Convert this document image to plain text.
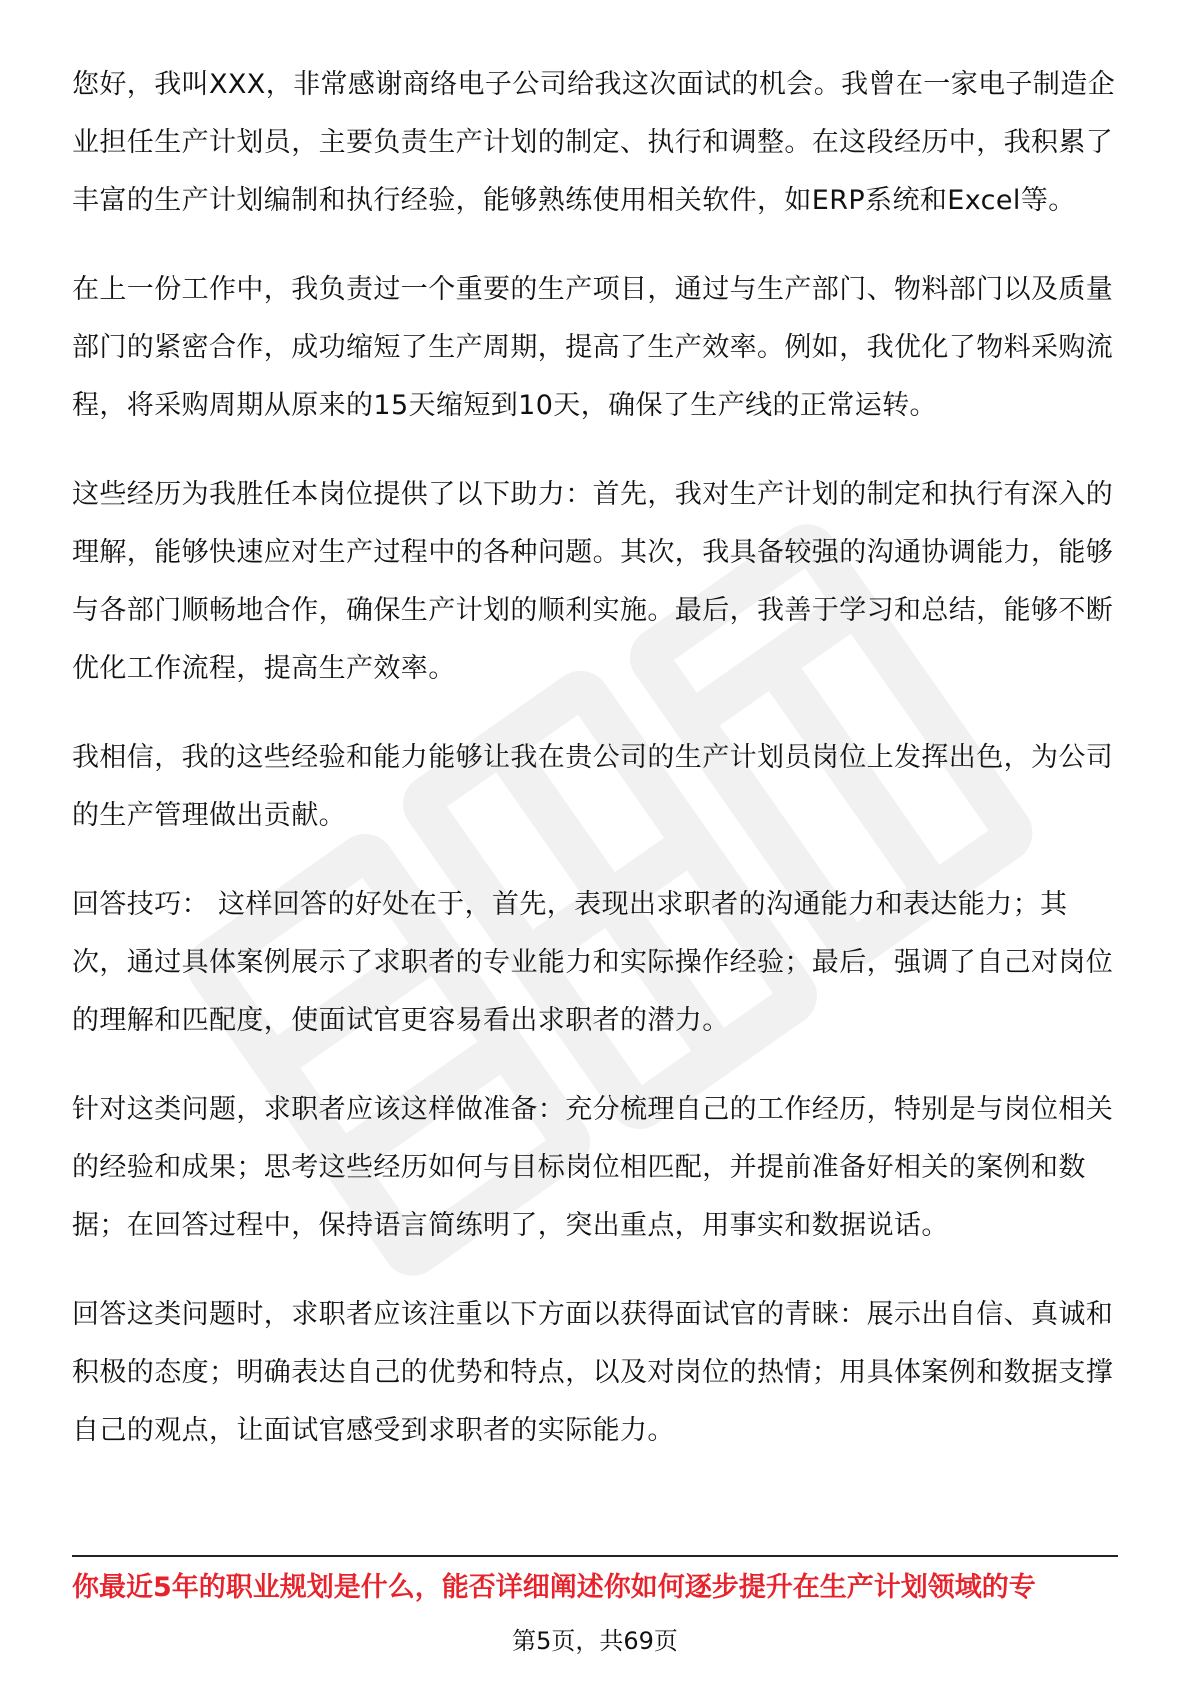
您好，我叫XXX，非常感谢商络电子公司给我这次面试的机会。我曾在一家电子制造企业担任生产计划员，主要负责生产计划的制定、执行和调整。在这段经历中，我积累了丰富的生产计划编制和执行经验，能够熟练使用相关软件，如ERP系统和Excel等。

在上一份工作中，我负责过一个重要的生产项目，通过与生产部门、物料部门以及质量部门的紧密合作，成功缩短了生产周期，提高了生产效率。例如，我优化了物料采购流程，将采购周期从原来的15天缩短到10天，确保了生产线的正常运转。

这些经历为我胜任本岗位提供了以下助力：首先，我对生产计划的制定和执行有深入的理解，能够快速应对生产过程中的各种问题。其次，我具备较强的沟通协调能力，能够与各部门顺畅地合作，确保生产计划的顺利实施。最后，我善于学习和总结，能够不断优化工作流程，提高生产效率。

我相信，我的这些经验和能力能够让我在贵公司的生产计划员岗位上发挥出色，为公司的生产管理做出贡献。

回答技巧： 这样回答的好处在于，首先，表现出求职者的沟通能力和表达能力；其次，通过具体案例展示了求职者的专业能力和实际操作经验；最后，强调了自己对岗位的理解和匹配度，使面试官更容易看出求职者的潜力。

针对这类问题，求职者应该这样做准备：充分梳理自己的工作经历，特别是与岗位相关的经验和成果；思考这些经历如何与目标岗位相匹配，并提前准备好相关的案例和数据；在回答过程中，保持语言简练明了，突出重点，用事实和数据说话。

回答这类问题时，求职者应该注重以下方面以获得面试官的青睐：展示出自信、真诚和积极的态度；明确表达自己的优势和特点，以及对岗位的热情；用具体案例和数据支撑自己的观点，让面试官感受到求职者的实际能力。

你最近5年的职业规划是什么，能否详细阐述你如何逐步提升在生产计划领域的专
第5页，共69页
